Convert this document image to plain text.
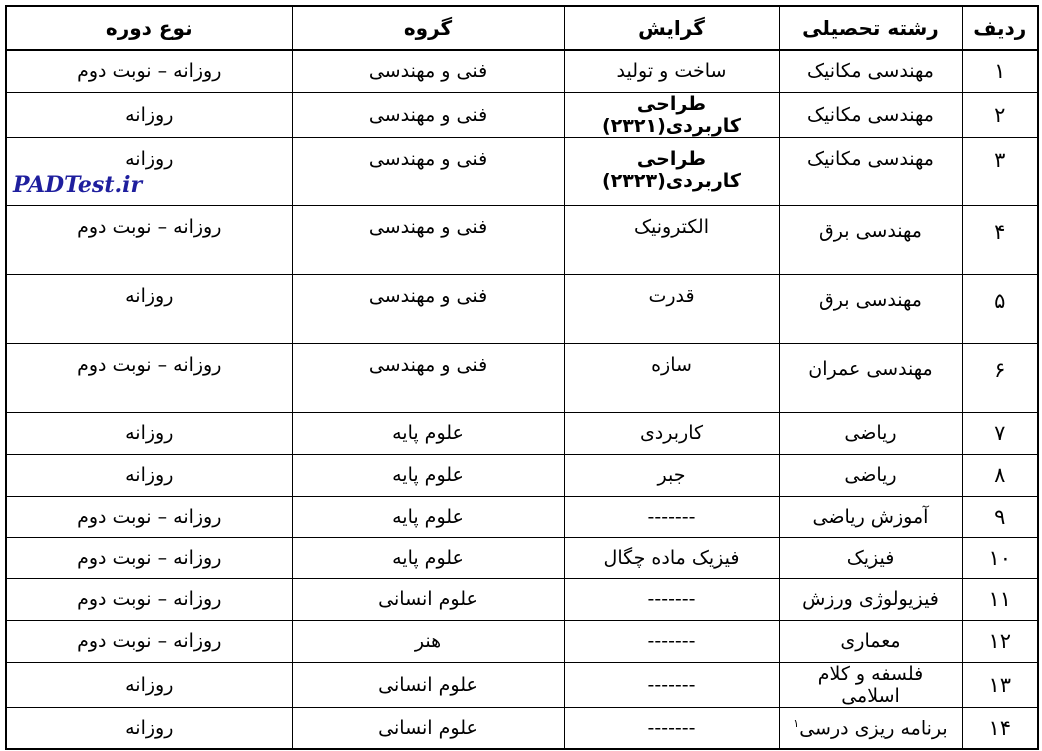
ردیف	رشته تحصیلی	گرایش	گروه	نوع دوره
۱	مهندسی مکانیک	ساخت و تولید	فنی و مهندسی	روزانه – نوبت دوم
۲	مهندسی مکانیک	طراحی کاربردی(۲۳۲۱)	فنی و مهندسی	روزانه
۳	مهندسی مکانیک	طراحی کاربردی(۲۳۲۳)	فنی و مهندسی	روزانه
PADTest.ir

۴	مهندسی برق	الکترونیک	فنی و مهندسی	روزانه – نوبت دوم
۵	مهندسی برق	قدرت	فنی و مهندسی	روزانه
۶	مهندسی عمران	سازه	فنی و مهندسی	روزانه – نوبت دوم
۷	ریاضی	کاربردی	علوم پایه	روزانه
۸	ریاضی	جبر	علوم پایه	روزانه
۹	آموزش ریاضی	-------	علوم پایه	روزانه – نوبت دوم
۱۰	فیزیک	فیزیک ماده چگال	علوم پایه	روزانه – نوبت دوم
۱۱	فیزیولوژی ورزش	-------	علوم انسانی	روزانه – نوبت دوم
۱۲	معماری	-------	هنر	روزانه – نوبت دوم
۱۳	فلسفه و کلام اسلامی	-------	علوم انسانی	روزانه
۱۴	برنامه ریزی درسی$^۱$	-------	علوم انسانی	روزانه
